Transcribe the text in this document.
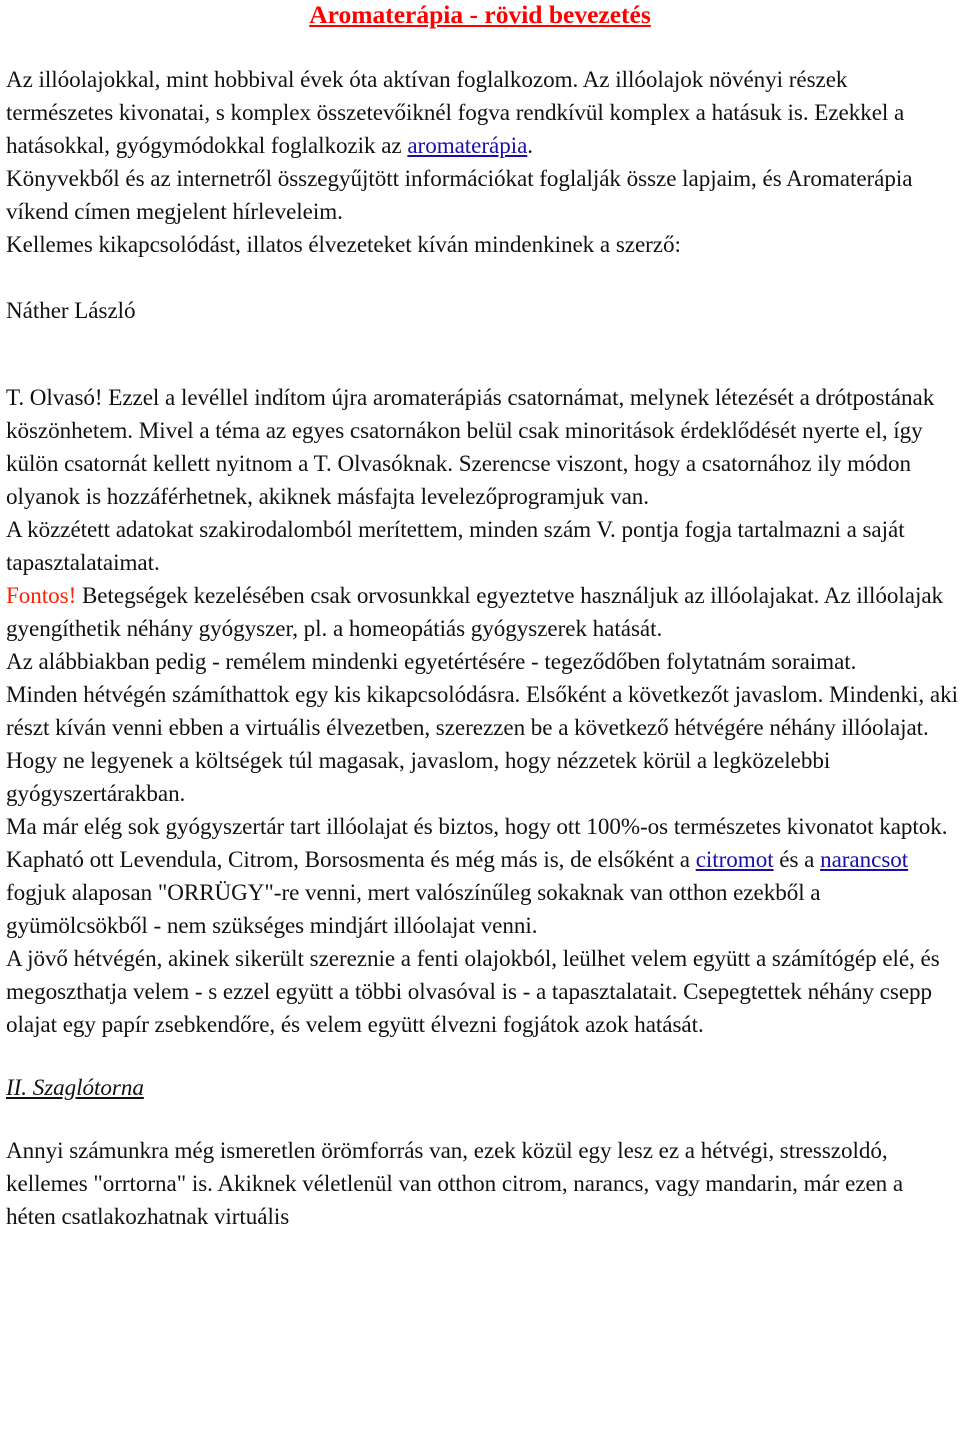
Aromaterápia - rövid bevezetés

Az illóolajokkal, mint hobbival évek óta aktívan foglalkozom. Az illóolajok növényi részek természetes kivonatai, s komplex összetevőiknél fogva rendkívül komplex a hatásuk is. Ezekkel a hatásokkal, gyógymódokkal foglalkozik az aromaterápia.

Könyvekből és az internetről összegyűjtött információkat foglalják össze lapjaim, és Aromaterápia víkend címen megjelent hírleveleim.

Kellemes kikapcsolódást, illatos élvezeteket kíván mindenkinek a szerző:

Náther László

T. Olvasó! Ezzel a levéllel indítom újra aromaterápiás csatornámat, melynek létezését a drótpostának köszönhetem. Mivel a téma az egyes csatornákon belül csak minoritások érdeklődését nyerte el, így külön csatornát kellett nyitnom a T. Olvasóknak. Szerencse viszont, hogy a csatornához ily módon olyanok is hozzáférhetnek, akiknek másfajta levelezőprogramjuk van.

A közzétett adatokat szakirodalomból merítettem, minden szám V. pontja fogja tartalmazni a saját tapasztalataimat.

Fontos! Betegségek kezelésében csak orvosunkkal egyeztetve használjuk az illóolajakat. Az illóolajak gyengíthetik néhány gyógyszer, pl. a homeopátiás gyógyszerek hatását.

Az alábbiakban pedig - remélem mindenki egyetértésére - tegeződőben folytatnám soraimat.

Minden hétvégén számíthattok egy kis kikapcsolódásra. Elsőként a következőt javaslom. Mindenki, aki részt kíván venni ebben a virtuális élvezetben, szerezzen be a következő hétvégére néhány illóolajat. Hogy ne legyenek a költségek túl magasak, javaslom, hogy nézzetek körül a legközelebbi gyógyszertárakban.

Ma már elég sok gyógyszertár tart illóolajat és biztos, hogy ott 100%-os természetes kivonatot kaptok. Kapható ott Levendula, Citrom, Borsosmenta és még más is, de elsőként a citromot és a narancsot fogjuk alaposan "ORRÜGY"-re venni, mert valószínűleg sokaknak van otthon ezekből a gyümölcsökből - nem szükséges mindjárt illóolajat venni.

A jövő hétvégén, akinek sikerült szereznie a fenti olajokból, leülhet velem együtt a számítógép elé, és megoszthatja velem - s ezzel együtt a többi olvasóval is - a tapasztalatait. Csepegtettek néhány csepp olajat egy papír zsebkendőre, és velem együtt élvezni fogjátok azok hatását.

II. Szaglótorna

Annyi számunkra még ismeretlen örömforrás van, ezek közül egy lesz ez a hétvégi, stresszoldó, kellemes "orrtorna" is. Akiknek véletlenül van otthon citrom, narancs, vagy mandarin, már ezen a héten csatlakozhatnak virtuális
